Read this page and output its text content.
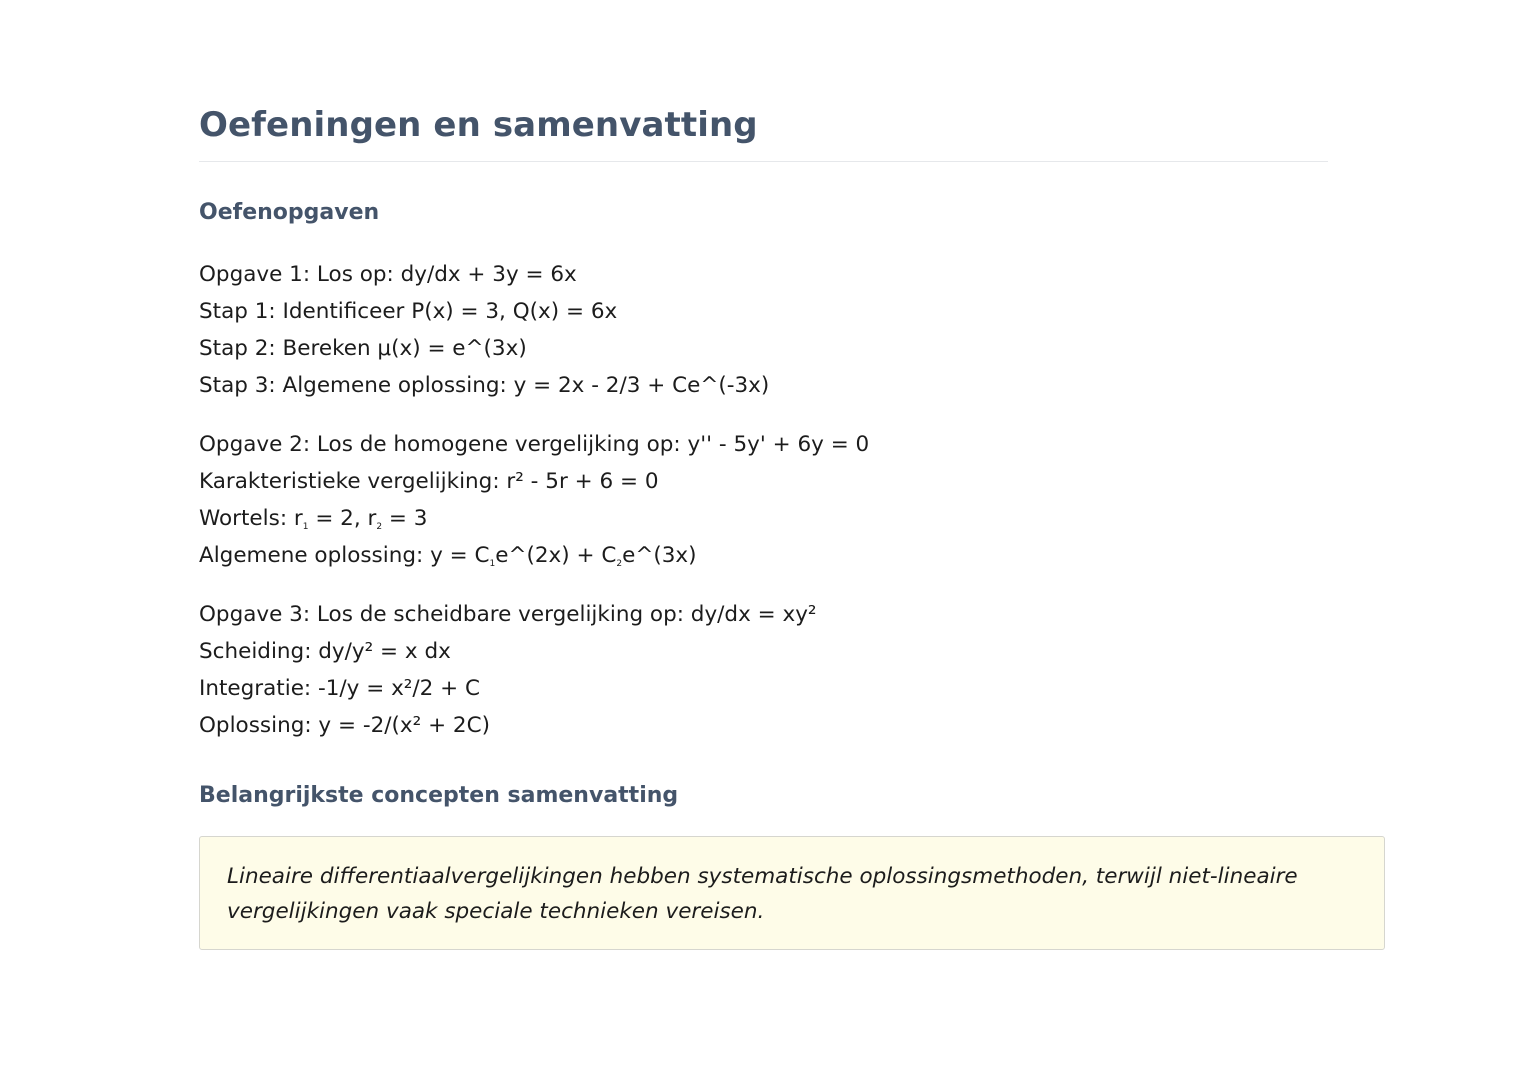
Oefeningen en samenvatting
Oefenopgaven
Opgave 1: Los op: dy/dx + 3y = 6x
Stap 1: Identificeer P(x) = 3, Q(x) = 6x
Stap 2: Bereken μ(x) = e^(3x)
Stap 3: Algemene oplossing: y = 2x - 2/3 + Ce^(-3x)
Opgave 2: Los de homogene vergelijking op: y'' - 5y' + 6y = 0
Karakteristieke vergelijking: r² - 5r + 6 = 0
Wortels: $r_1 = 2$, $r_2 = 3$
Algemene oplossing: $y = C_1e\^{}(2x)$ + $C_2e\^{}(3x)$
Opgave 3: Los de scheidbare vergelijking op: dy/dx = xy²
Scheiding: dy/y² = x dx
Integratie: -1/y = x²/2 + C
Oplossing: y = -2/(x² + 2C)
Belangrijkste concepten samenvatting

Lineaire differentiaalvergelijkingen hebben systematische oplossingsmethoden, terwijl niet-lineaire vergelijkingen vaak speciale technieken vereisen.
